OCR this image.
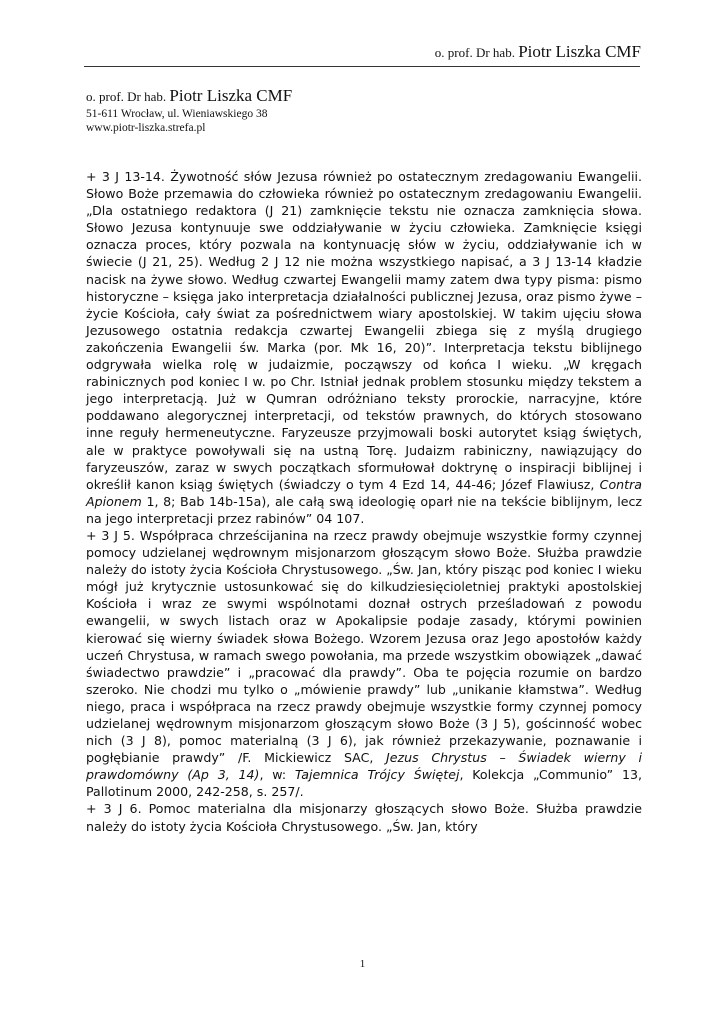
o. prof. Dr hab. Piotr Liszka CMF
o. prof. Dr hab. Piotr Liszka CMF
51-611 Wrocław, ul. Wieniawskiego 38
www.piotr-liszka.strefa.pl

+ 3 J 13-14. Żywotność słów Jezusa również po ostatecznym zredagowaniu Ewangelii. Słowo Boże przemawia do człowieka również po ostatecznym zredagowaniu Ewangelii. „Dla ostatniego redaktora (J 21) zamknięcie tekstu nie oznacza zamknięcia słowa. Słowo Jezusa kontynuuje swe oddziaływanie w życiu człowieka. Zamknięcie księgi oznacza proces, który pozwala na kontynuację słów w życiu, oddziaływanie ich w świecie (J 21, 25). Według 2 J 12 nie można wszystkiego napisać, a 3 J 13-14 kładzie nacisk na żywe słowo. Według czwartej Ewangelii mamy zatem dwa typy pisma: pismo historyczne – księga jako interpretacja działalności publicznej Jezusa, oraz pismo żywe – życie Kościoła, cały świat za pośrednictwem wiary apostolskiej. W takim ujęciu słowa Jezusowego ostatnia redakcja czwartej Ewangelii zbiega się z myślą drugiego zakończenia Ewangelii św. Marka (por. Mk 16, 20)”. Interpretacja tekstu biblijnego odgrywała wielka rolę w judaizmie, począwszy od końca I wieku. „W kręgach rabinicznych pod koniec I w. po Chr. Istniał jednak problem stosunku między tekstem a jego interpretacją. Już w Qumran odróżniano teksty prorockie, narracyjne, które poddawano alegorycznej interpretacji, od tekstów prawnych, do których stosowano inne reguły hermeneutyczne. Faryzeusze przyjmowali boski autorytet ksiąg świętych, ale w praktyce powoływali się na ustną Torę. Judaizm rabiniczny, nawiązujący do faryzeuszów, zaraz w swych początkach sformułował doktrynę o inspiracji biblijnej i określił kanon ksiąg świętych (świadczy o tym 4 Ezd 14, 44-46; Józef Flawiusz, Contra Apionem 1, 8; Bab 14b-15a), ale całą swą ideologię oparł nie na tekście biblijnym, lecz na jego interpretacji przez rabinów” 04 107.

+ 3 J 5. Współpraca chrześcijanina na rzecz prawdy obejmuje wszystkie formy czynnej pomocy udzielanej wędrownym misjonarzom głoszącym słowo Boże. Służba prawdzie należy do istoty życia Kościoła Chrystusowego. „Św. Jan, który pisząc pod koniec I wieku mógł już krytycznie ustosunkować się do kilkudziesięcioletniej praktyki apostolskiej Kościoła i wraz ze swymi wspólnotami doznał ostrych prześladowań z powodu ewangelii, w swych listach oraz w Apokalipsie podaje zasady, którymi powinien kierować się wierny świadek słowa Bożego. Wzorem Jezusa oraz Jego apostołów każdy uczeń Chrystusa, w ramach swego powołania, ma przede wszystkim obowiązek „dawać świadectwo prawdzie” i „pracować dla prawdy”. Oba te pojęcia rozumie on bardzo szeroko. Nie chodzi mu tylko o „mówienie prawdy” lub „unikanie kłamstwa”. Według niego, praca i współpraca na rzecz prawdy obejmuje wszystkie formy czynnej pomocy udzielanej wędrownym misjonarzom głoszącym słowo Boże (3 J 5), gościnność wobec nich (3 J 8), pomoc materialną (3 J 6), jak również przekazywanie, poznawanie i pogłębianie prawdy” /F. Mickiewicz SAC, Jezus Chrystus – Świadek wierny i prawdomówny (Ap 3, 14), w: Tajemnica Trójcy Świętej, Kolekcja „Communio” 13, Pallotinum 2000, 242-258, s. 257/.

+ 3 J 6. Pomoc materialna dla misjonarzy głoszących słowo Boże. Służba prawdzie należy do istoty życia Kościoła Chrystusowego. „Św. Jan, który

1
